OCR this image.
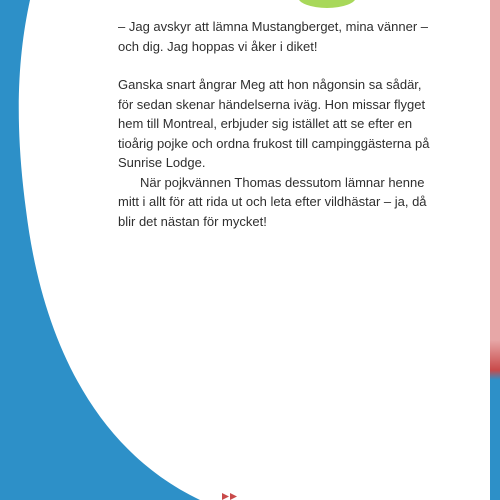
– Jag avskyr att lämna Mustangberget, mina vänner – och dig. Jag hoppas vi åker i diket!

Ganska snart ångrar Meg att hon någonsin sa sådär, för sedan skenar händelserna iväg. Hon missar flyget hem till Montreal, erbjuder sig istället att se efter en tioårig pojke och ordna frukost till campinggästerna på Sunrise Lodge.

När pojkvännen Thomas dessutom lämnar henne mitt i allt för att rida ut och leta efter vildhästar – ja, då blir det nästan för mycket!
